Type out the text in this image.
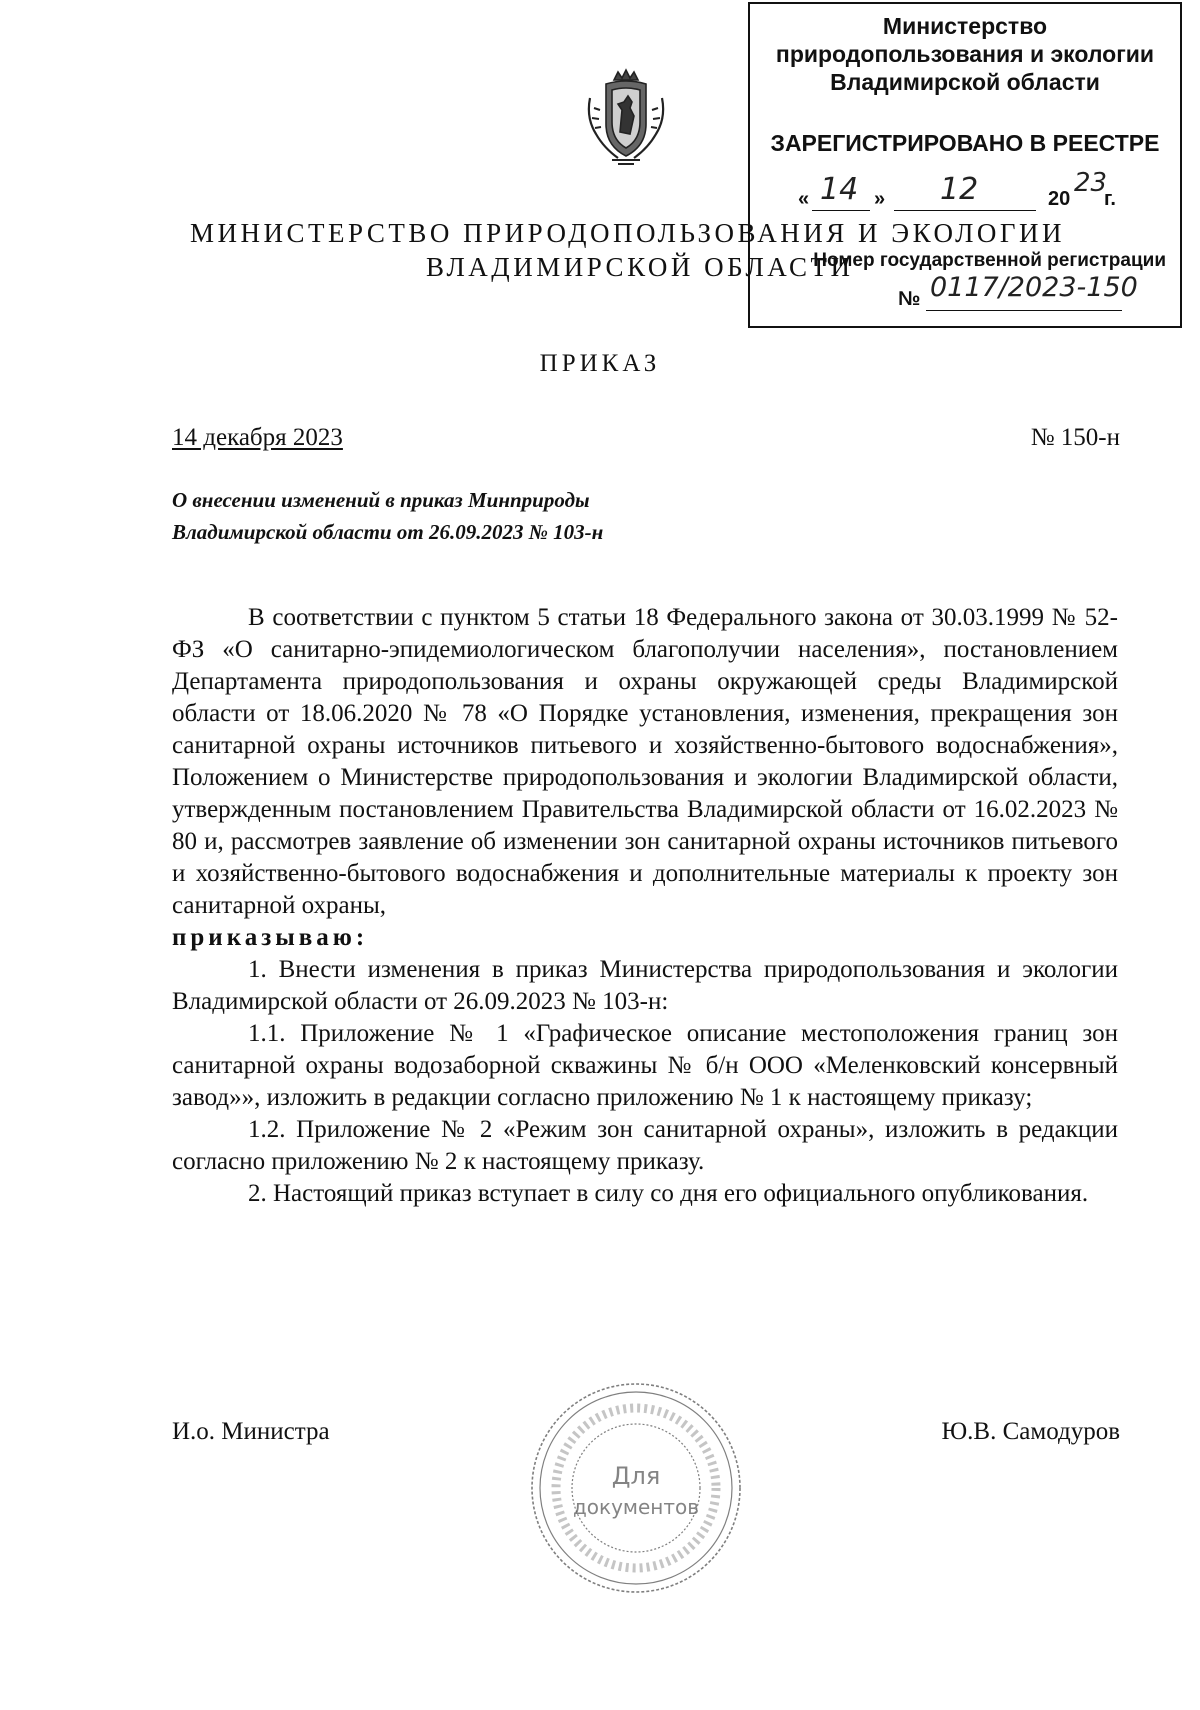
Министерство
природопользования и экологии
Владимирской области
ЗАРЕГИСТРИРОВАНО В РЕЕСТРЕ
« 14 » 12	20
23
г.
Номер государственной регистрации
№ 0117/2023-150
МИНИСТЕРСТВО ПРИРОДОПОЛЬЗОВАНИЯ И ЭКОЛОГИИ
ВЛАДИМИРСКОЙ ОБЛАСТИ
ПРИКАЗ
14 декабря 2023	№ 150-н
О внесении изменений в приказ Минприроды
Владимирской области от 26.09.2023 № 103-н

В соответствии с пунктом 5 статьи 18 Федерального закона от 30.03.1999 № 52-ФЗ «О санитарно-эпидемиологическом благополучии населения», постановлением Департамента природопользования и охраны окружающей среды Владимирской области от 18.06.2020 № 78 «О Порядке установления, изменения, прекращения зон санитарной охраны источников питьевого и хозяйственно-бытового водоснабжения», Положением о Министерстве природопользования и экологии Владимирской области, утвержденным постановлением Правительства Владимирской области от 16.02.2023 № 80 и, рассмотрев заявление об изменении зон санитарной охраны источников питьевого и хозяйственно-бытового водоснабжения и дополнительные материалы к проекту зон санитарной охраны,

приказываю:

1. Внести изменения в приказ Министерства природопользования и экологии Владимирской области от 26.09.2023 № 103-н:

1.1. Приложение № 1 «Графическое описание местоположения границ зон санитарной охраны водозаборной скважины № б/н ООО «Меленковский консервный завод»», изложить в редакции согласно приложению № 1 к настоящему приказу;

1.2. Приложение № 2 «Режим зон санитарной охраны», изложить в редакции согласно приложению № 2 к настоящему приказу.

2. Настоящий приказ вступает в силу со дня его официального опубликования.

И.о. Министра
Для
документов
Ю.В. Самодуров
